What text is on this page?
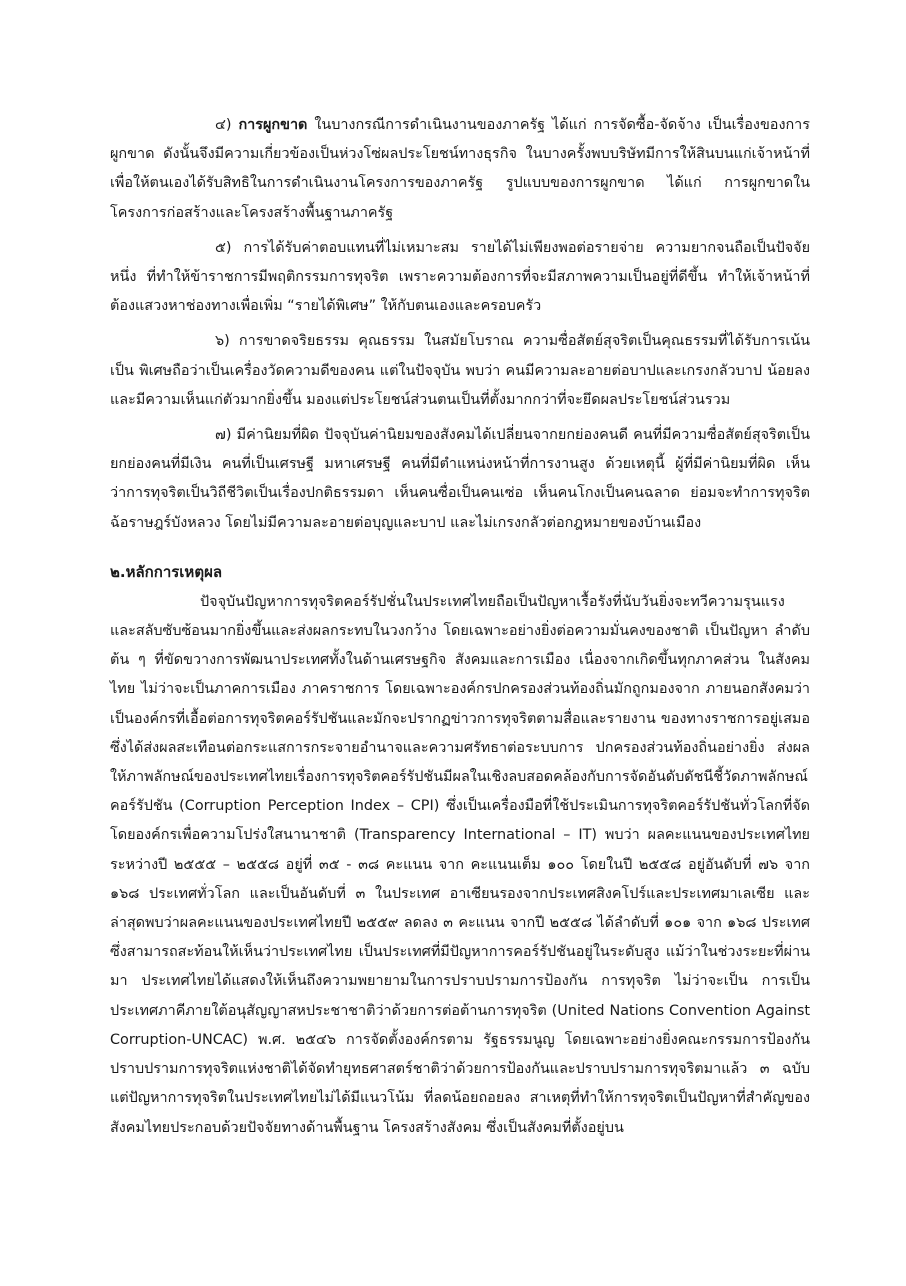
๔) การผูกขาด ในบางกรณีการดำเนินงานของภาครัฐ ได้แก่ การจัดซื้อ-จัดจ้าง เป็นเรื่องของการ ผูกขาด ดังนั้นจึงมีความเกี่ยวข้องเป็นห่วงโซ่ผลประโยชน์ทางธุรกิจ ในบางครั้งพบบริษัทมีการให้สินบนแก่เจ้าหน้าที่เพื่อให้ตนเองได้รับสิทธิในการดำเนินงานโครงการของภาครัฐ รูปแบบของการผูกขาด ได้แก่ การผูกขาดในโครงการก่อสร้างและโครงสร้างพื้นฐานภาครัฐ

๕) การได้รับค่าตอบแทนที่ไม่เหมาะสม รายได้ไม่เพียงพอต่อรายจ่าย ความยากจนถือเป็นปัจจัยหนึ่ง ที่ทำให้ข้าราชการมีพฤติกรรมการทุจริต เพราะความต้องการที่จะมีสภาพความเป็นอยู่ที่ดีขึ้น ทำให้เจ้าหน้าที่ ต้องแสวงหาช่องทางเพื่อเพิ่ม “รายได้พิเศษ” ให้กับตนเองและครอบครัว

๖) การขาดจริยธรรม คุณธรรม ในสมัยโบราณ ความซื่อสัตย์สุจริตเป็นคุณธรรมที่ได้รับการเน้นเป็น พิเศษถือว่าเป็นเครื่องวัดความดีของคน แต่ในปัจจุบัน พบว่า คนมีความละอายต่อบาปและเกรงกลัวบาป น้อยลง และมีความเห็นแก่ตัวมากยิ่งขึ้น มองแต่ประโยชน์ส่วนตนเป็นที่ตั้งมากกว่าที่จะยึดผลประโยชน์ส่วนรวม

๗) มีค่านิยมที่ผิด ปัจจุบันค่านิยมของสังคมได้เปลี่ยนจากยกย่องคนดี คนที่มีความซื่อสัตย์สุจริตเป็น ยกย่องคนที่มีเงิน คนที่เป็นเศรษฐี มหาเศรษฐี คนที่มีตำแหน่งหน้าที่การงานสูง ด้วยเหตุนี้ ผู้ที่มีค่านิยมที่ผิด เห็นว่าการทุจริตเป็นวิถีชีวิตเป็นเรื่องปกติธรรมดา เห็นคนซื่อเป็นคนเซ่อ เห็นคนโกงเป็นคนฉลาด ย่อมจะทำการทุจริตฉ้อราษฎร์บังหลวง โดยไม่มีความละอายต่อบุญและบาป และไม่เกรงกลัวต่อกฎหมายของบ้านเมือง

๒.หลักการเหตุผล

ปัจจุบันปัญหาการทุจริตคอร์รัปชั่นในประเทศไทยถือเป็นปัญหาเรื้อรังที่นับวันยิ่งจะทวีความรุนแรง และสลับซับซ้อนมากยิ่งขึ้นและส่งผลกระทบในวงกว้าง โดยเฉพาะอย่างยิ่งต่อความมั่นคงของชาติ เป็นปัญหา ลำดับต้น ๆ ที่ขัดขวางการพัฒนาประเทศทั้งในด้านเศรษฐกิจ สังคมและการเมือง เนื่องจากเกิดขึ้นทุกภาคส่วน ในสังคมไทย ไม่ว่าจะเป็นภาคการเมือง ภาคราชการ โดยเฉพาะองค์กรปกครองส่วนท้องถิ่นมักถูกมองจาก ภายนอกสังคมว่าเป็นองค์กรที่เอื้อต่อการทุจริตคอร์รัปชันและมักจะปรากฏข่าวการทุจริตตามสื่อและรายงาน ของทางราชการอยู่เสมอ ซึ่งได้ส่งผลสะเทือนต่อกระแสการกระจายอำนาจและความศรัทธาต่อระบบการ ปกครองส่วนท้องถิ่นอย่างยิ่ง ส่งผลให้ภาพลักษณ์ของประเทศไทยเรื่องการทุจริตคอร์รัปชันมีผลในเชิงลบสอดคล้องกับการจัดอันดับดัชนีชี้วัดภาพลักษณ์คอร์รัปชัน (Corruption Perception Index – CPI) ซึ่งเป็นเครื่องมือที่ใช้ประเมินการทุจริตคอร์รัปชันทั่วโลกที่จัดโดยองค์กรเพื่อความโปร่งใสนานาชาติ (Transparency International – IT) พบว่า ผลคะแนนของประเทศไทยระหว่างปี ๒๕๕๕ – ๒๕๕๘ อยู่ที่ ๓๕ - ๓๘ คะแนน จาก คะแนนเต็ม ๑๐๐ โดยในปี ๒๕๕๘ อยู่อันดับที่ ๗๖ จาก ๑๖๘ ประเทศทั่วโลก และเป็นอันดับที่ ๓ ในประเทศ อาเซียนรองจากประเทศสิงคโปร์และประเทศมาเลเซีย และล่าสุดพบว่าผลคะแนนของประเทศไทยปี ๒๕๕๙ ลดลง ๓ คะแนน จากปี ๒๕๕๘ ได้ลำดับที่ ๑๐๑ จาก ๑๖๘ ประเทศ ซึ่งสามารถสะท้อนให้เห็นว่าประเทศไทย เป็นประเทศที่มีปัญหาการคอร์รัปชันอยู่ในระดับสูง แม้ว่าในช่วงระยะที่ผ่านมา ประเทศไทยได้แสดงให้เห็นถึงความพยายามในการปราบปรามการป้องกัน การทุจริต ไม่ว่าจะเป็น การเป็นประเทศภาคีภายใต้อนุสัญญาสหประชาชาติว่าด้วยการต่อต้านการทุจริต (United Nations Convention Against Corruption-UNCAC) พ.ศ. ๒๕๔๖ การจัดตั้งองค์กรตาม รัฐธรรมนูญ โดยเฉพาะอย่างยิ่งคณะกรรมการป้องกันปราบปรามการทุจริตแห่งชาติได้จัดทำยุทธศาสตร์ชาติว่าด้วยการป้องกันและปราบปรามการทุจริตมาแล้ว ๓ ฉบับ แต่ปัญหาการทุจริตในประเทศไทยไม่ได้มีแนวโน้ม ที่ลดน้อยถอยลง สาเหตุที่ทำให้การทุจริตเป็นปัญหาที่สำคัญของสังคมไทยประกอบด้วยปัจจัยทางด้านพื้นฐาน โครงสร้างสังคม ซึ่งเป็นสังคมที่ตั้งอยู่บน
